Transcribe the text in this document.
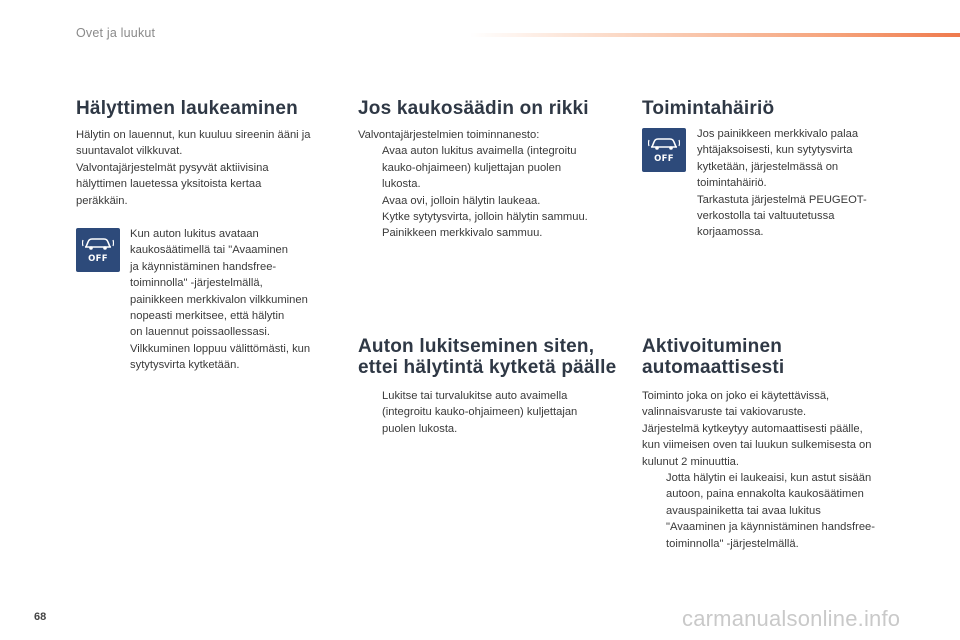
Ovet ja luukut
Hälyttimen laukeaminen
Hälytin on lauennut, kun kuuluu sireenin ääni ja
suuntavalot vilkkuvat.
Valvontajärjestelmät pysyvät aktiivisina
hälyttimen lauetessa yksitoista kertaa
peräkkäin.
OFF
Kun auton lukitus avataan
kaukosäätimellä tai "Avaaminen
ja käynnistäminen handsfree-
toiminnolla" -järjestelmällä,
painikkeen merkkivalon vilkkuminen
nopeasti merkitsee, että hälytin
on lauennut poissaollessasi.
Vilkkuminen loppuu välittömästi, kun
sytytysvirta kytketään.
Jos kaukosäädin on rikki
Valvontajärjestelmien toiminnanesto:
Avaa auton lukitus avaimella (integroitu
kauko-ohjaimeen) kuljettajan puolen
lukosta.
Avaa ovi, jolloin hälytin laukeaa.
Kytke sytytysvirta, jolloin hälytin sammuu.
Painikkeen merkkivalo sammuu.
Auton lukitseminen siten,
ettei hälytintä kytketä päälle
Lukitse tai turvalukitse auto avaimella
(integroitu kauko-ohjaimeen) kuljettajan
puolen lukosta.
Toimintahäiriö
OFF
Jos painikkeen merkkivalo palaa
yhtäjaksoisesti, kun sytytysvirta
kytketään, järjestelmässä on
toimintahäiriö.
Tarkastuta järjestelmä PEUGEOT-
verkostolla tai valtuutetussa
korjaamossa.
Aktivoituminen
automaattisesti
Toiminto joka on joko ei käytettävissä,
valinnaisvaruste tai vakiovaruste.
Järjestelmä kytkeytyy automaattisesti päälle,
kun viimeisen oven tai luukun sulkemisesta on
kulunut 2 minuuttia.
Jotta hälytin ei laukeaisi, kun astut sisään
autoon, paina ennakolta kaukosäätimen
avauspainiketta tai avaa lukitus
"Avaaminen ja käynnistäminen handsfree-
toiminnolla" -järjestelmällä.
68	carmanualsonline.info
